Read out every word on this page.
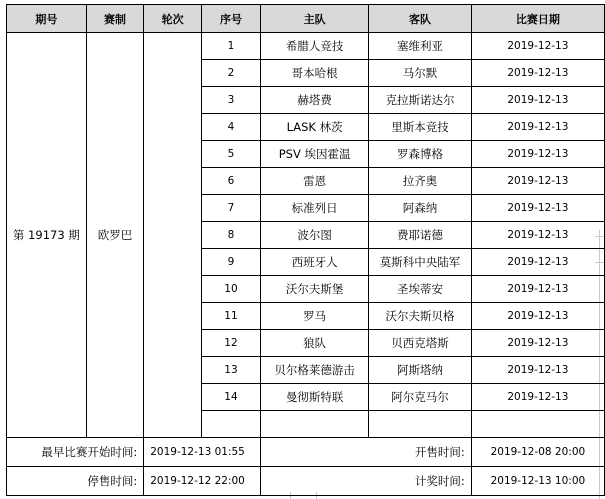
期号	赛制	轮次	序号	主队	客队	比赛日期
第 19173 期	欧罗巴		1	希腊人竞技	塞维利亚	2019-12-13
			2	哥本哈根	马尔默	2019-12-13
			3	赫塔费	克拉斯诺达尔	2019-12-13
			4	LASK 林茨	里斯本竞技	2019-12-13
			5	PSV 埃因霍温	罗森博格	2019-12-13
			6	雷恩	拉齐奥	2019-12-13
			7	标准列日	阿森纳	2019-12-13
			8	波尔图	费耶诺德	2019-12-13
			9	西班牙人	莫斯科中央陆军	2019-12-13
			10	沃尔夫斯堡	圣埃蒂安	2019-12-13
			11	罗马	沃尔夫斯贝格	2019-12-13
			12	狼队	贝西克塔斯	2019-12-13
			13	贝尔格莱德游击	阿斯塔纳	2019-12-13
			14	曼彻斯特联	阿尔克马尔	2019-12-13

最早比赛开始时间:		2019-12-13 01:55		开售时间:		2019-12-08 20:00
停售时间:		2019-12-12 22:00		计奖时间:		2019-12-13 10:00
